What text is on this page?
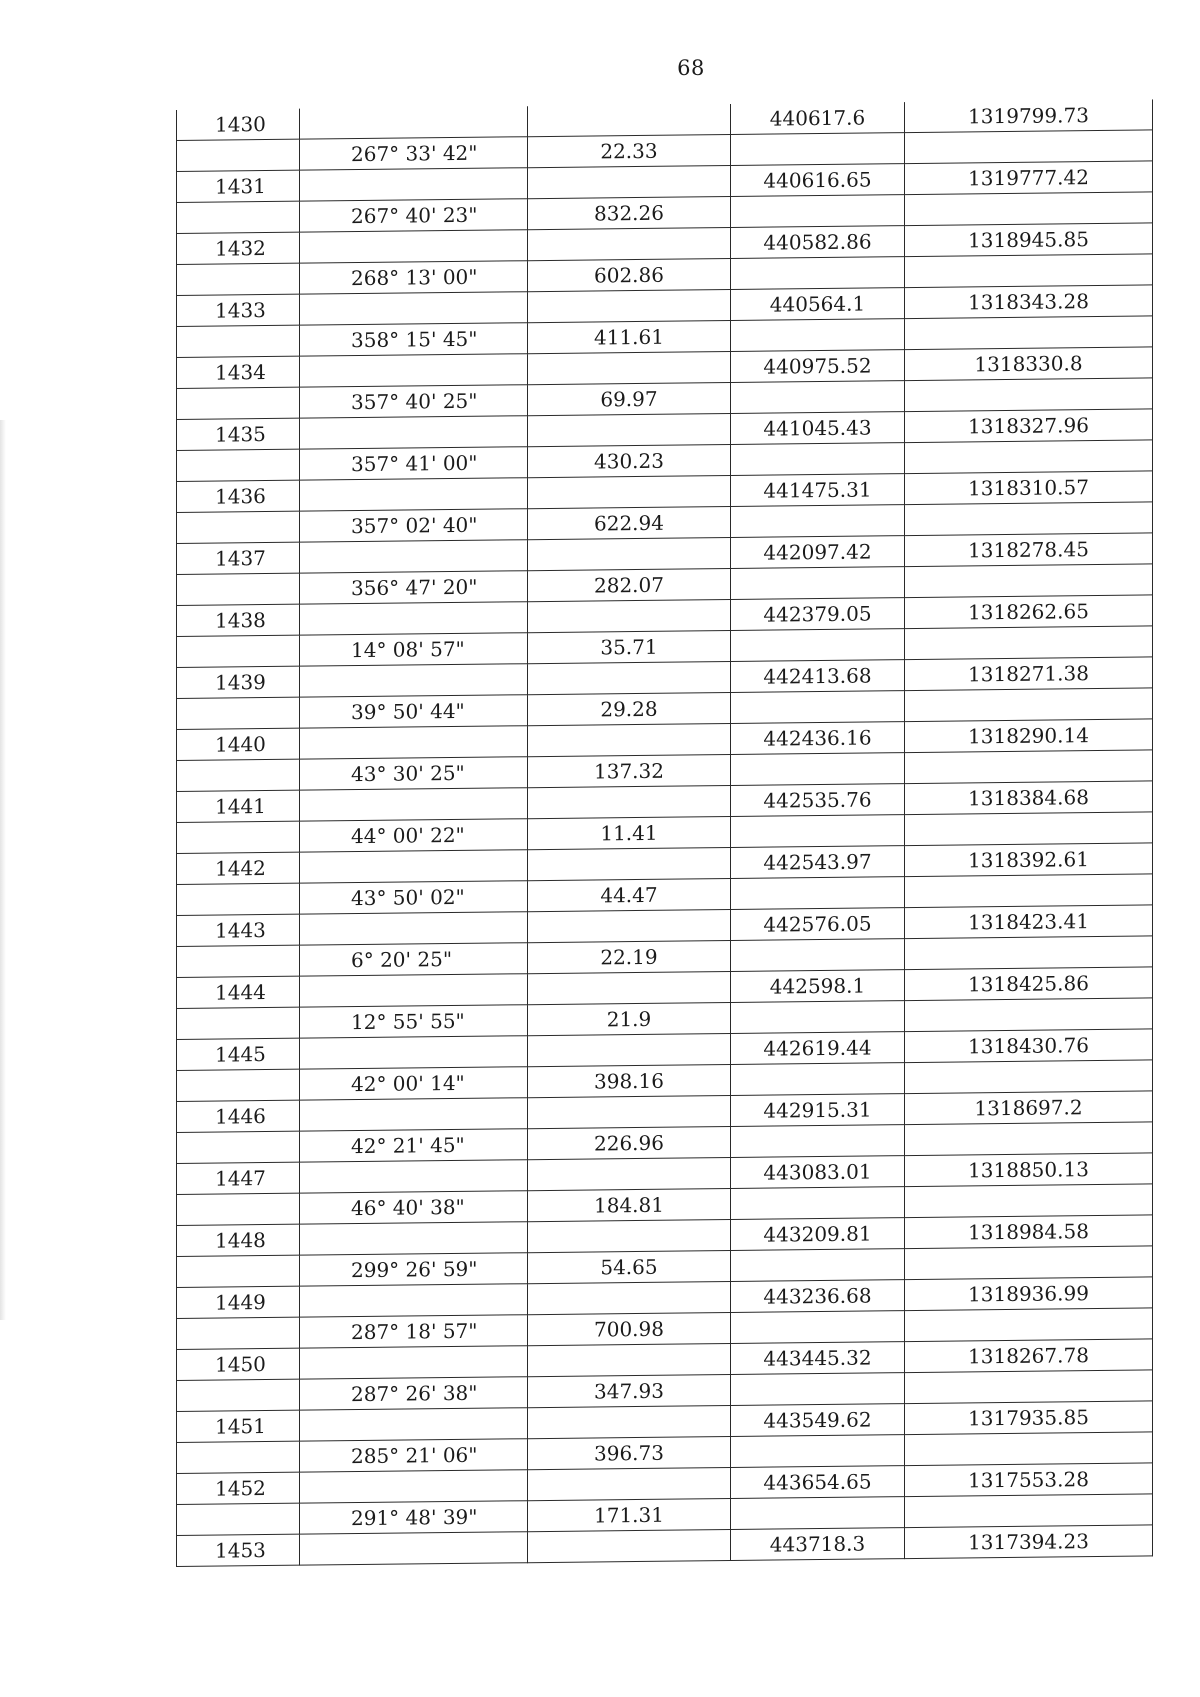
68
1430			440617.6	1319799.73
	267° 33' 42"	22.33		
1431			440616.65	1319777.42
	267° 40' 23"	832.26		
1432			440582.86	1318945.85
	268° 13' 00"	602.86		
1433			440564.1	1318343.28
	358° 15' 45"	411.61		
1434			440975.52	1318330.8
	357° 40' 25"	69.97		
1435			441045.43	1318327.96
	357° 41' 00"	430.23		
1436			441475.31	1318310.57
	357° 02' 40"	622.94		
1437			442097.42	1318278.45
	356° 47' 20"	282.07		
1438			442379.05	1318262.65
	14° 08' 57"	35.71		
1439			442413.68	1318271.38
	39° 50' 44"	29.28		
1440			442436.16	1318290.14
	43° 30' 25"	137.32		
1441			442535.76	1318384.68
	44° 00' 22"	11.41		
1442			442543.97	1318392.61
	43° 50' 02"	44.47		
1443			442576.05	1318423.41
	6° 20' 25"	22.19		
1444			442598.1	1318425.86
	12° 55' 55"	21.9		
1445			442619.44	1318430.76
	42° 00' 14"	398.16		
1446			442915.31	1318697.2
	42° 21' 45"	226.96		
1447			443083.01	1318850.13
	46° 40' 38"	184.81		
1448			443209.81	1318984.58
	299° 26' 59"	54.65		
1449			443236.68	1318936.99
	287° 18' 57"	700.98		
1450			443445.32	1318267.78
	287° 26' 38"	347.93		
1451			443549.62	1317935.85
	285° 21' 06"	396.73		
1452			443654.65	1317553.28
	291° 48' 39"	171.31		
1453			443718.3	1317394.23
